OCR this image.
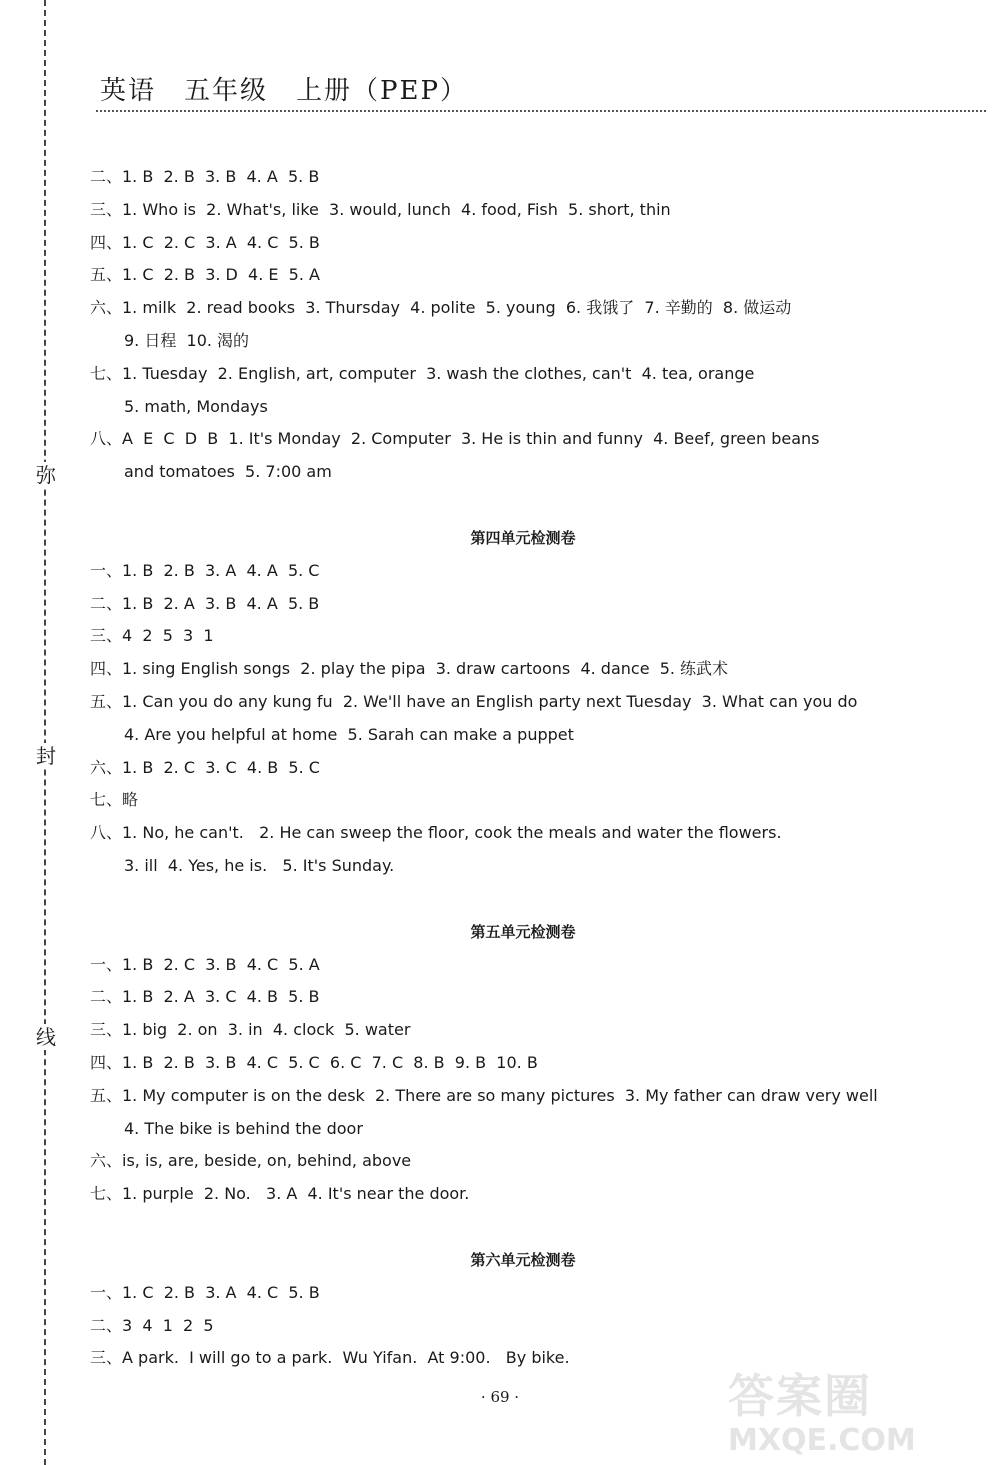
弥
封
线
英语　五年级　上册（PEP）
二、1. B  2. B  3. B  4. A  5. B
三、1. Who is  2. What's, like  3. would, lunch  4. food, Fish  5. short, thin
四、1. C  2. C  3. A  4. C  5. B
五、1. C  2. B  3. D  4. E  5. A
六、1. milk  2. read books  3. Thursday  4. polite  5. young  6. 我饿了  7. 辛勤的  8. 做运动
9. 日程  10. 渴的
七、1. Tuesday  2. English, art, computer  3. wash the clothes, can't  4. tea, orange
5. math, Mondays
八、A  E  C  D  B  1. It's Monday  2. Computer  3. He is thin and funny  4. Beef, green beans
and tomatoes  5. 7:00 am
第四单元检测卷
一、1. B  2. B  3. A  4. A  5. C
二、1. B  2. A  3. B  4. A  5. B
三、4  2  5  3  1
四、1. sing English songs  2. play the pipa  3. draw cartoons  4. dance  5. 练武术
五、1. Can you do any kung fu  2. We'll have an English party next Tuesday  3. What can you do
4. Are you helpful at home  5. Sarah can make a puppet
六、1. B  2. C  3. C  4. B  5. C
七、略
八、1. No, he can't.   2. He can sweep the floor, cook the meals and water the flowers.
3. ill  4. Yes, he is.   5. It's Sunday.
第五单元检测卷
一、1. B  2. C  3. B  4. C  5. A
二、1. B  2. A  3. C  4. B  5. B
三、1. big  2. on  3. in  4. clock  5. water
四、1. B  2. B  3. B  4. C  5. C  6. C  7. C  8. B  9. B  10. B
五、1. My computer is on the desk  2. There are so many pictures  3. My father can draw very well
4. The bike is behind the door
六、is, is, are, beside, on, behind, above
七、1. purple  2. No.   3. A  4. It's near the door.
第六单元检测卷
一、1. C  2. B  3. A  4. C  5. B
二、3  4  1  2  5
三、A park.  I will go to a park.  Wu Yifan.  At 9:00.   By bike.
· 69 ·	答案圈
MXQE.COM
